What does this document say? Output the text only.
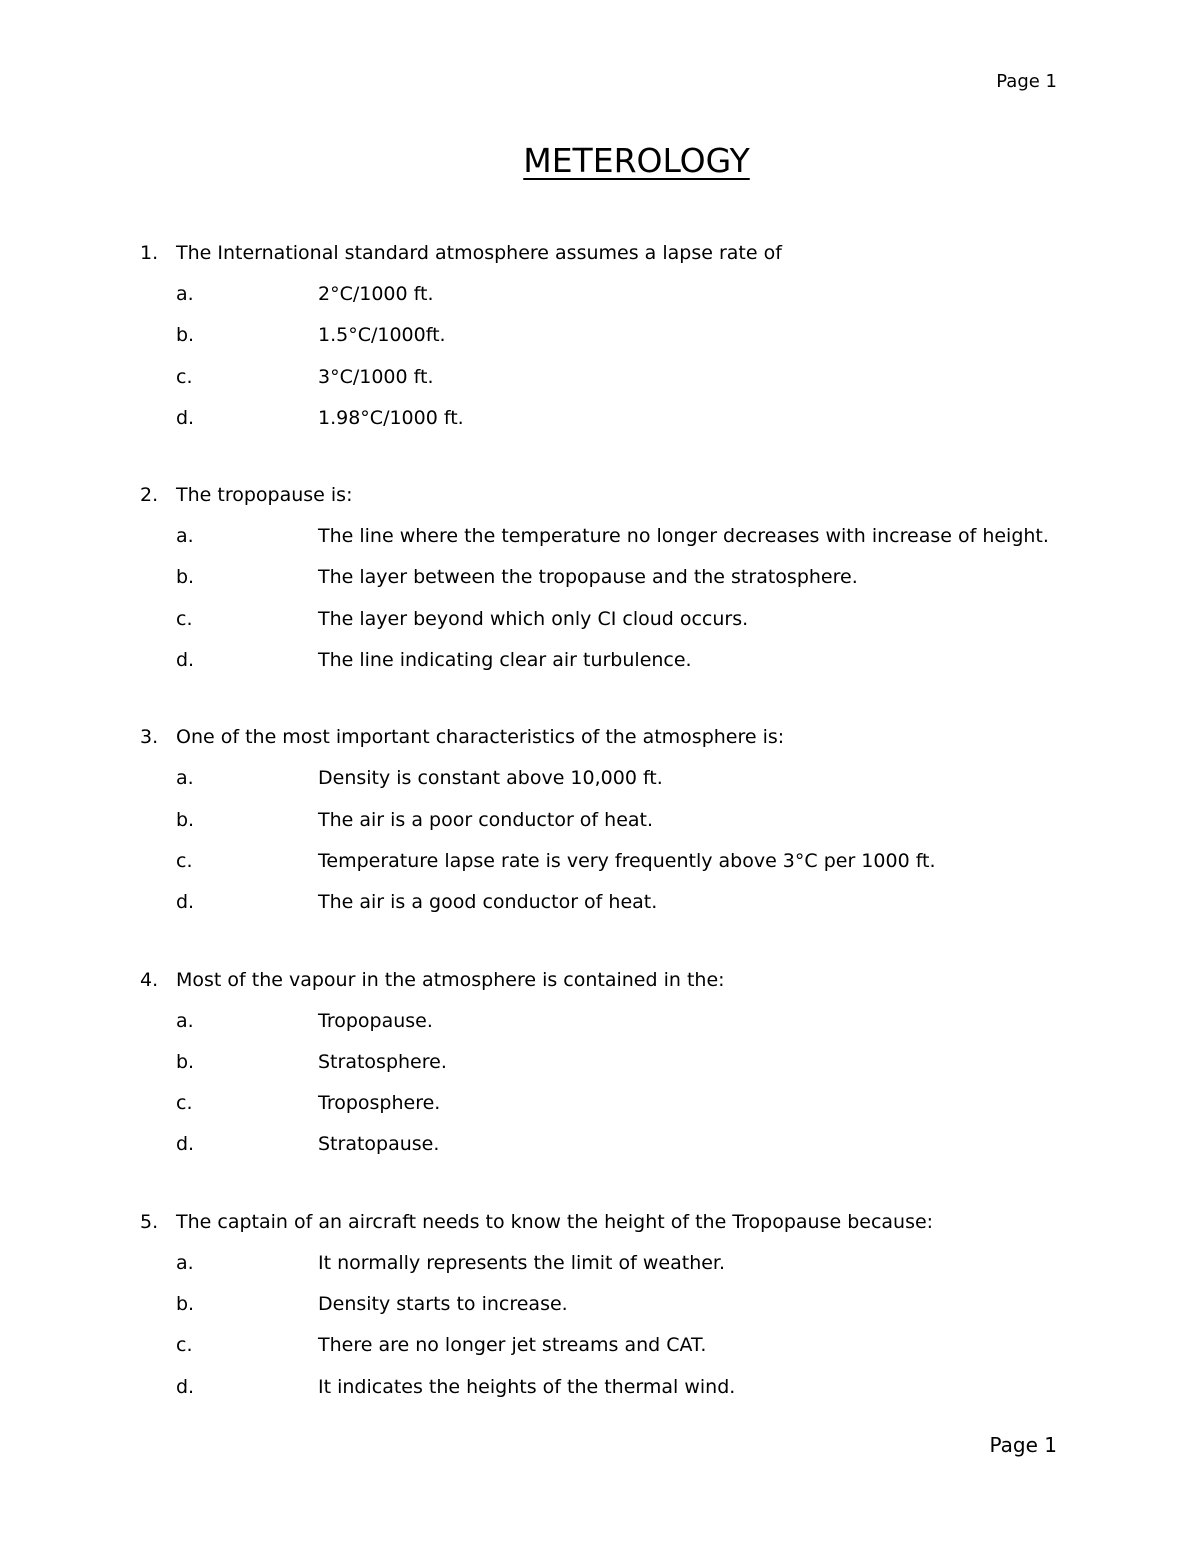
Page 1
METEROLOGY
1. The International standard atmosphere assumes a lapse rate of
a.	2°C/1000 ft.
b.	1.5°C/1000ft.
c.	3°C/1000 ft.
d.	1.98°C/1000 ft.
2. The tropopause is:
a.	The line where the temperature no longer decreases with increase of height.
b.	The layer between the tropopause and the stratosphere.
c.	The layer beyond which only CI cloud occurs.
d.	The line indicating clear air turbulence.
3. One of the most important characteristics of the atmosphere is:
a.	Density is constant above 10,000 ft.
b.	The air is a poor conductor of heat.
c.	Temperature lapse rate is very frequently above 3°C per 1000 ft.
d.	The air is a good conductor of heat.
4. Most of the vapour in the atmosphere is contained in the:
a.	Tropopause.
b.	Stratosphere.
c.	Troposphere.
d.	Stratopause.
5. The captain of an aircraft needs to know the height of the Tropopause because:
a.	It normally represents the limit of weather.
b.	Density starts to increase.
c.	There are no longer jet streams and CAT.
d.	It indicates the heights of the thermal wind.
Page 1
